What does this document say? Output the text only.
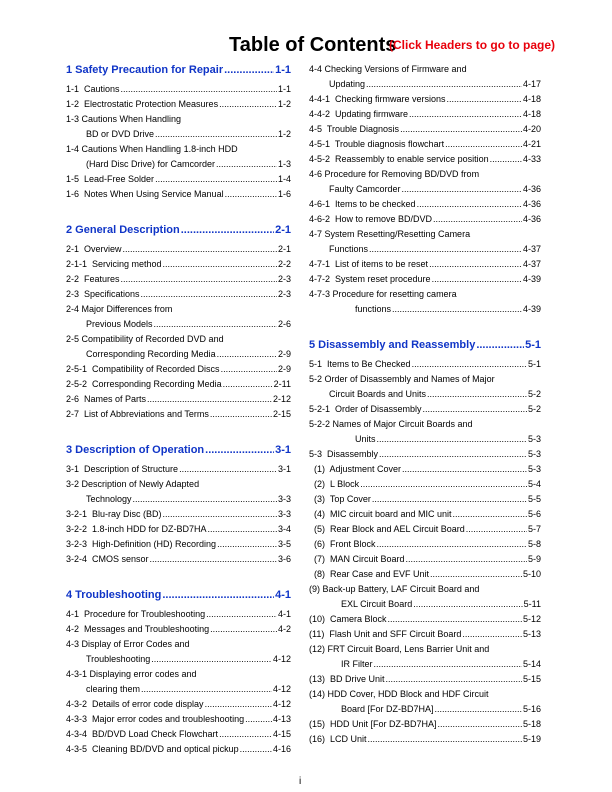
Table of Contents
(Click Headers to go to page)
1 Safety Precaution for Repair .....	1-1
1-1  Cautions .....	1-1
1-2  Electrostatic Protection Measures .....	1-2
1-3 Cautions When Handling
BD or DVD Drive .....	1-2
1-4 Cautions When Handling 1.8-inch HDD
(Hard Disc Drive) for Camcorder .....	1-3
1-5  Lead-Free Solder .....	1-4
1-6  Notes When Using Service Manual .....	1-6
2 General Description .....	2-1
2-1  Overview .....	2-1
2-1-1  Servicing method .....	2-2
2-2  Features .....	2-3
2-3  Specifications .....	2-3
2-4 Major Differences from
Previous Models .....	2-6
2-5 Compatibility of Recorded DVD and
Corresponding Recording Media .....	2-9
2-5-1  Compatibility of Recorded Discs .....	2-9
2-5-2  Corresponding Recording Media .....	2-11
2-6  Names of Parts .....	2-12
2-7  List of Abbreviations and Terms .....	2-15
3 Description of Operation .....	3-1
3-1  Description of Structure .....	3-1
3-2 Description of Newly Adapted
Technology .....	3-3
3-2-1  Blu-ray Disc (BD) .....	3-3
3-2-2  1.8-inch HDD for DZ-BD7HA .....	3-4
3-2-3  High-Definition (HD) Recording .....	3-5
3-2-4  CMOS sensor .....	3-6
4 Troubleshooting .....	4-1
4-1  Procedure for Troubleshooting .....	4-1
4-2  Messages and Troubleshooting .....	4-2
4-3 Display of Error Codes and
Troubleshooting .....	4-12
4-3-1 Displaying error codes and
clearing them .....	4-12
4-3-2  Details of error code display .....	4-12
4-3-3  Major error codes and troubleshooting .....	4-13
4-3-4  BD/DVD Load Check Flowchart .....	4-15
4-3-5  Cleaning BD/DVD and optical pickup .....	4-16
4-4 Checking Versions of Firmware and
Updating .....	4-17
4-4-1  Checking firmware versions .....	4-18
4-4-2  Updating firmware .....	4-18
4-5  Trouble Diagnosis .....	4-20
4-5-1  Trouble diagnosis flowchart .....	4-21
4-5-2  Reassembly to enable service position .....	4-33
4-6 Procedure for Removing BD/DVD from
Faulty Camcorder .....	4-36
4-6-1  Items to be checked .....	4-36
4-6-2  How to remove BD/DVD .....	4-36
4-7 System Resetting/Resetting Camera
Functions .....	4-37
4-7-1  List of items to be reset .....	4-37
4-7-2  System reset procedure .....	4-39
4-7-3 Procedure for resetting camera
functions .....	4-39
5 Disassembly and Reassembly .....	5-1
5-1  Items to Be Checked .....	5-1
5-2 Order of Disassembly and Names of Major
Circuit Boards and Units .....	5-2
5-2-1  Order of Disassembly .....	5-2
5-2-2 Names of Major Circuit Boards and
Units .....	5-3
5-3  Disassembly .....	5-3
(1)  Adjustment Cover .....	5-3
(2)  L Block .....	5-4
(3)  Top Cover .....	5-5
(4)  MIC circuit board and MIC unit .....	5-6
(5)  Rear Block and AEL Circuit Board .....	5-7
(6)  Front Block .....	5-8
(7)  MAN Circuit Board .....	5-9
(8)  Rear Case and EVF Unit .....	5-10
(9) Back-up Battery, LAF Circuit Board and
EXL Circuit Board .....	5-11
(10)  Camera Block .....	5-12
(11)  Flash Unit and SFF Circuit Board .....	5-13
(12) FRT Circuit Board, Lens Barrier Unit and
IR Filter .....	5-14
(13)  BD Drive Unit .....	5-15
(14) HDD Cover, HDD Block and HDF Circuit
Board [For DZ-BD7HA] .....	5-16
(15)  HDD Unit [For DZ-BD7HA] .....	5-18
(16)  LCD Unit .....	5-19
i
